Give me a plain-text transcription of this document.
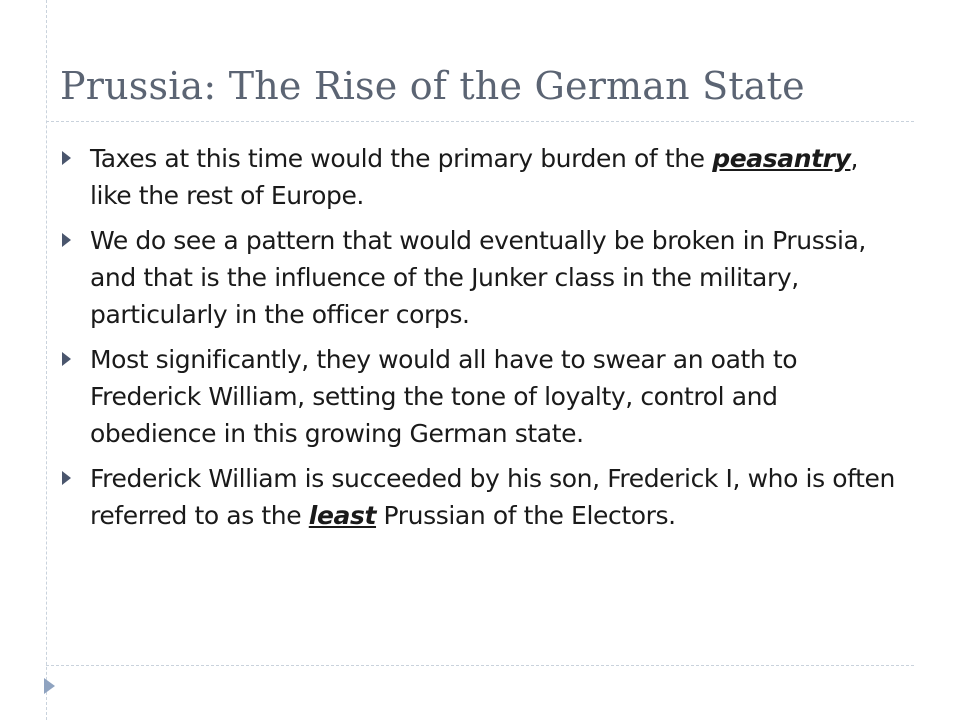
Prussia: The Rise of the German State
Taxes at this time would the primary burden of the peasantry, like the rest of Europe.
We do see a pattern that would eventually be broken in Prussia, and that is the influence of the Junker class in the military, particularly in the officer corps.
Most significantly, they would all have to swear an oath to Frederick William, setting the tone of loyalty, control and obedience in this growing German state.
Frederick William is succeeded by his son, Frederick I, who is often referred to as the least Prussian of the Electors.
